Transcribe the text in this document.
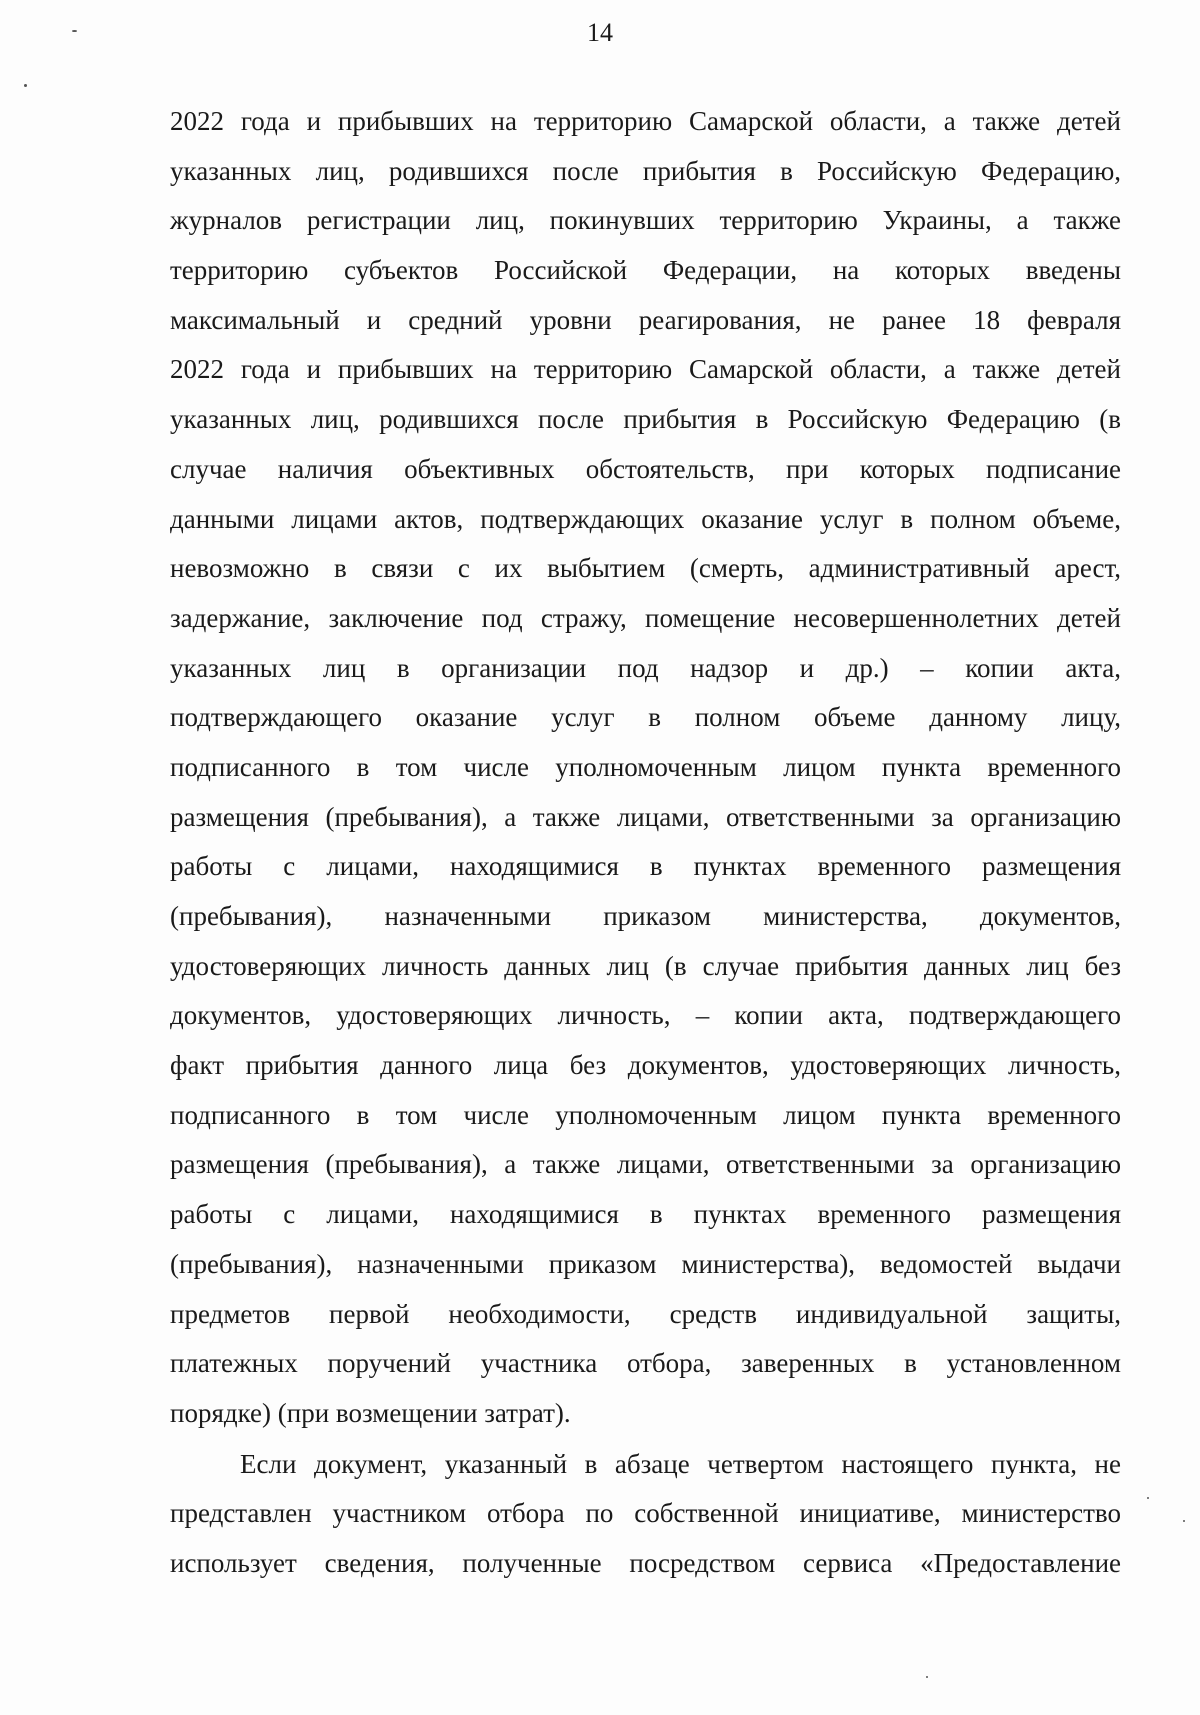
14
2022 года и прибывших на территорию Самарской области, а также детей
указанных лиц, родившихся после прибытия в Российскую Федерацию,
журналов регистрации лиц, покинувших территорию Украины, а также
территорию субъектов Российской Федерации, на которых введены
максимальный и средний уровни реагирования, не ранее 18 февраля
2022 года и прибывших на территорию Самарской области, а также детей
указанных лиц, родившихся после прибытия в Российскую Федерацию (в
случае наличия объективных обстоятельств, при которых подписание
данными лицами актов, подтверждающих оказание услуг в полном объеме,
невозможно в связи с их выбытием (смерть, административный арест,
задержание, заключение под стражу, помещение несовершеннолетних детей
указанных лиц в организации под надзор и др.) – копии акта,
подтверждающего оказание услуг в полном объеме данному лицу,
подписанного в том числе уполномоченным лицом пункта временного
размещения (пребывания), а также лицами, ответственными за организацию
работы с лицами, находящимися в пунктах временного размещения
(пребывания), назначенными приказом министерства, документов,
удостоверяющих личность данных лиц (в случае прибытия данных лиц без
документов, удостоверяющих личность, – копии акта, подтверждающего
факт прибытия данного лица без документов, удостоверяющих личность,
подписанного в том числе уполномоченным лицом пункта временного
размещения (пребывания), а также лицами, ответственными за организацию
работы с лицами, находящимися в пунктах временного размещения
(пребывания), назначенными приказом министерства), ведомостей выдачи
предметов первой необходимости, средств индивидуальной защиты,
платежных поручений участника отбора, заверенных в установленном
порядке) (при возмещении затрат).
Если документ, указанный в абзаце четвертом настоящего пункта, не
представлен участником отбора по собственной инициативе, министерство
использует сведения, полученные посредством сервиса «Предоставление
